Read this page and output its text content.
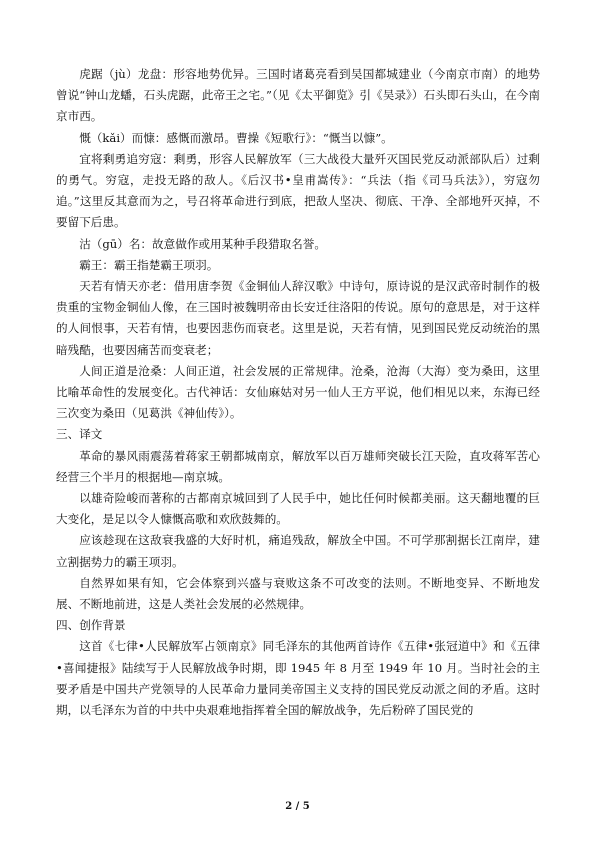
虎踞（jù）龙盘：形容地势优异。三国时诸葛亮看到吴国都城建业（今南京市南）的地势曾说“钟山龙蟠，石头虎踞，此帝王之宅。”（见《太平御览》引《吴录》）石头即石头山，在今南京市西。

慨（kǎi）而慷：感慨而激昂。曹操《短歌行》：“慨当以慷”。

宜将剩勇追穷寇：剩勇，形容人民解放军（三大战役大量歼灭国民党反动派部队后）过剩的勇气。穷寇，走投无路的敌人。《后汉书•皇甫嵩传》：“兵法（指《司马兵法》），穷寇勿追。”这里反其意而为之，号召将革命进行到底，把敌人坚决、彻底、干净、全部地歼灭掉，不要留下后患。

沽（gū）名：故意做作或用某种手段猎取名誉。

霸王：霸王指楚霸王项羽。

天若有情天亦老：借用唐李贺《金铜仙人辞汉歌》中诗句，原诗说的是汉武帝时制作的极贵重的宝物金铜仙人像，在三国时被魏明帝由长安迁往洛阳的传说。原句的意思是，对于这样的人间恨事，天若有情，也要因悲伤而衰老。这里是说，天若有情，见到国民党反动统治的黑暗残酷，也要因痛苦而变衰老；

人间正道是沧桑：人间正道，社会发展的正常规律。沧桑，沧海（大海）变为桑田，这里比喻革命性的发展变化。古代神话：女仙麻姑对另一仙人王方平说，他们相见以来，东海已经三次变为桑田（见葛洪《神仙传》）。

三、译文

革命的暴风雨震荡着蒋家王朝都城南京，解放军以百万雄师突破长江天险，直攻蒋军苦心经营三个半月的根据地—南京城。

以雄奇险峻而著称的古都南京城回到了人民手中，她比任何时候都美丽。这天翻地覆的巨大变化，是足以令人慷慨高歌和欢欣鼓舞的。

应该趁现在这敌衰我盛的大好时机，痛追残敌，解放全中国。不可学那割据长江南岸，建立割据势力的霸王项羽。

自然界如果有知，它会体察到兴盛与衰败这条不可改变的法则。不断地变异、不断地发展、不断地前进，这是人类社会发展的必然规律。

四、创作背景

这首《七律•人民解放军占领南京》同毛泽东的其他两首诗作《五律•张冠道中》和《五律•喜闻捷报》陆续写于人民解放战争时期，即 1945 年 8 月至 1949 年 10 月。当时社会的主要矛盾是中国共产党领导的人民革命力量同美帝国主义支持的国民党反动派之间的矛盾。这时期，以毛泽东为首的中共中央艰难地指挥着全国的解放战争，先后粉碎了国民党的

2 / 5
